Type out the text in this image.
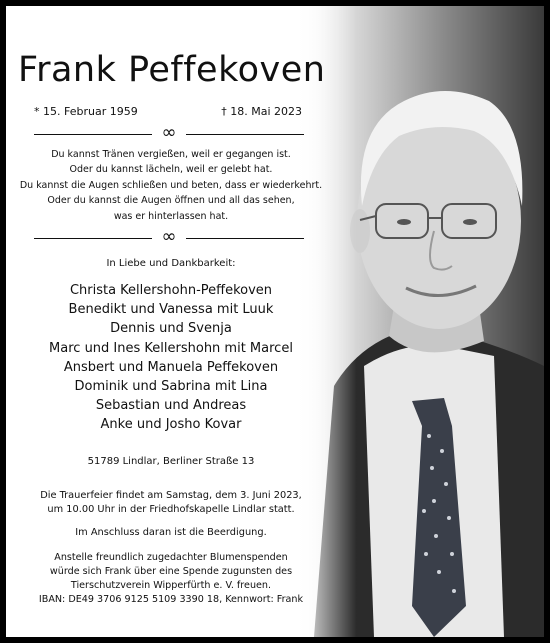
Frank Peffekoven
* 15. Februar 1959	† 18. Mai 2023
∞
Du kannst Tränen vergießen, weil er gegangen ist.
Oder du kannst lächeln, weil er gelebt hat.
Du kannst die Augen schließen und beten, dass er wiederkehrt.
Oder du kannst die Augen öffnen und all das sehen,
was er hinterlassen hat.
∞
In Liebe und Dankbarkeit:
Christa Kellershohn-Peffekoven
Benedikt und Vanessa mit Luuk
Dennis und Svenja
Marc und Ines Kellershohn mit Marcel
Ansbert und Manuela Peffekoven
Dominik und Sabrina mit Lina
Sebastian und Andreas
Anke und Josho Kovar
51789 Lindlar, Berliner Straße 13
Die Trauerfeier findet am Samstag, dem 3. Juni 2023,
um 10.00 Uhr in der Friedhofskapelle Lindlar statt.
Im Anschluss daran ist die Beerdigung.
Anstelle freundlich zugedachter Blumenspenden
würde sich Frank über eine Spende zugunsten des
Tierschutzverein Wipperfürth e. V. freuen.
IBAN: DE49 3706 9125 5109 3390 18, Kennwort: Frank
